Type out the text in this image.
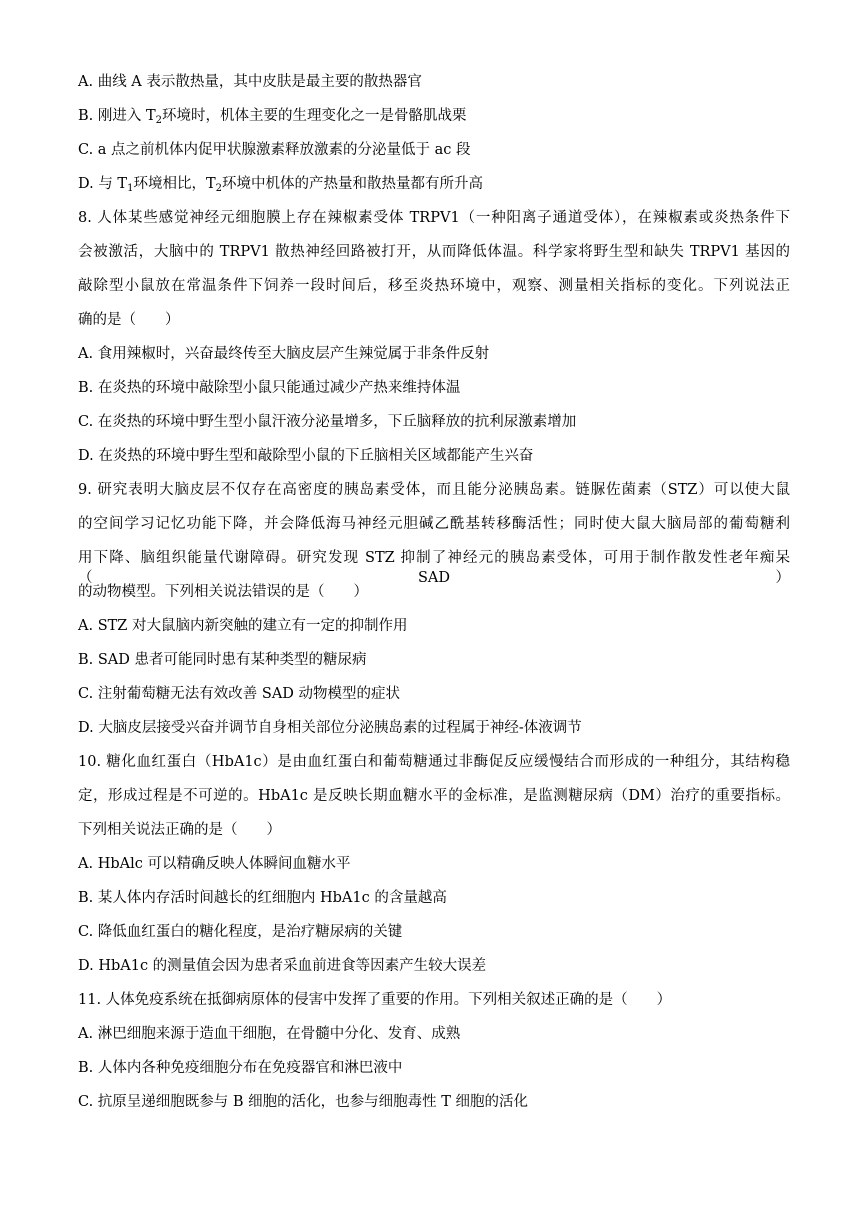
A. 曲线 A 表示散热量，其中皮肤是最主要的散热器官
B. 刚进入 $T_2$环境时，机体主要的生理变化之一是骨骼肌战栗
C. a 点之前机体内促甲状腺激素释放激素的分泌量低于 ac 段
D. 与 $T_1$环境相比，$T_2$环境中机体的产热量和散热量都有所升高
8. 人体某些感觉神经元细胞膜上存在辣椒素受体 TRPV1（一种阳离子通道受体），在辣椒素或炎热条件下
会被激活，大脑中的 TRPV1 散热神经回路被打开，从而降低体温。科学家将野生型和缺失 TRPV1 基因的
敲除型小鼠放在常温条件下饲养一段时间后，移至炎热环境中，观察、测量相关指标的变化。下列说法正
确的是（　　）
A. 食用辣椒时，兴奋最终传至大脑皮层产生辣觉属于非条件反射
B. 在炎热的环境中敲除型小鼠只能通过减少产热来维持体温
C. 在炎热的环境中野生型小鼠汗液分泌量增多，下丘脑释放的抗利尿激素增加
D. 在炎热的环境中野生型和敲除型小鼠的下丘脑相关区域都能产生兴奋
9. 研究表明大脑皮层不仅存在高密度的胰岛素受体，而且能分泌胰岛素。链脲佐菌素（STZ）可以使大鼠
的空间学习记忆功能下降，并会降低海马神经元胆碱乙酰基转移酶活性；同时使大鼠大脑局部的葡萄糖利
用下降、脑组织能量代谢障碍。研究发现 STZ 抑制了神经元的胰岛素受体，可用于制作散发性老年痴呆（SAD）
的动物模型。下列相关说法错误的是（　　）
A. STZ 对大鼠脑内新突触的建立有一定的抑制作用
B. SAD 患者可能同时患有某种类型的糖尿病
C. 注射葡萄糖无法有效改善 SAD 动物模型的症状
D. 大脑皮层接受兴奋并调节自身相关部位分泌胰岛素的过程属于神经-体液调节
10. 糖化血红蛋白（HbA1c）是由血红蛋白和葡萄糖通过非酶促反应缓慢结合而形成的一种组分，其结构稳
定，形成过程是不可逆的。HbA1c 是反映长期血糖水平的金标准，是监测糖尿病（DM）治疗的重要指标。
下列相关说法正确的是（　　）
A. HbAlc 可以精确反映人体瞬间血糖水平
B. 某人体内存活时间越长的红细胞内 HbA1c 的含量越高
C. 降低血红蛋白的糖化程度，是治疗糖尿病的关键
D. HbA1c 的测量值会因为患者采血前进食等因素产生较大误差
11. 人体免疫系统在抵御病原体的侵害中发挥了重要的作用。下列相关叙述正确的是（　　）
A. 淋巴细胞来源于造血干细胞，在骨髓中分化、发育、成熟
B. 人体内各种免疫细胞分布在免疫器官和淋巴液中
C. 抗原呈递细胞既参与 B 细胞的活化，也参与细胞毒性 T 细胞的活化
